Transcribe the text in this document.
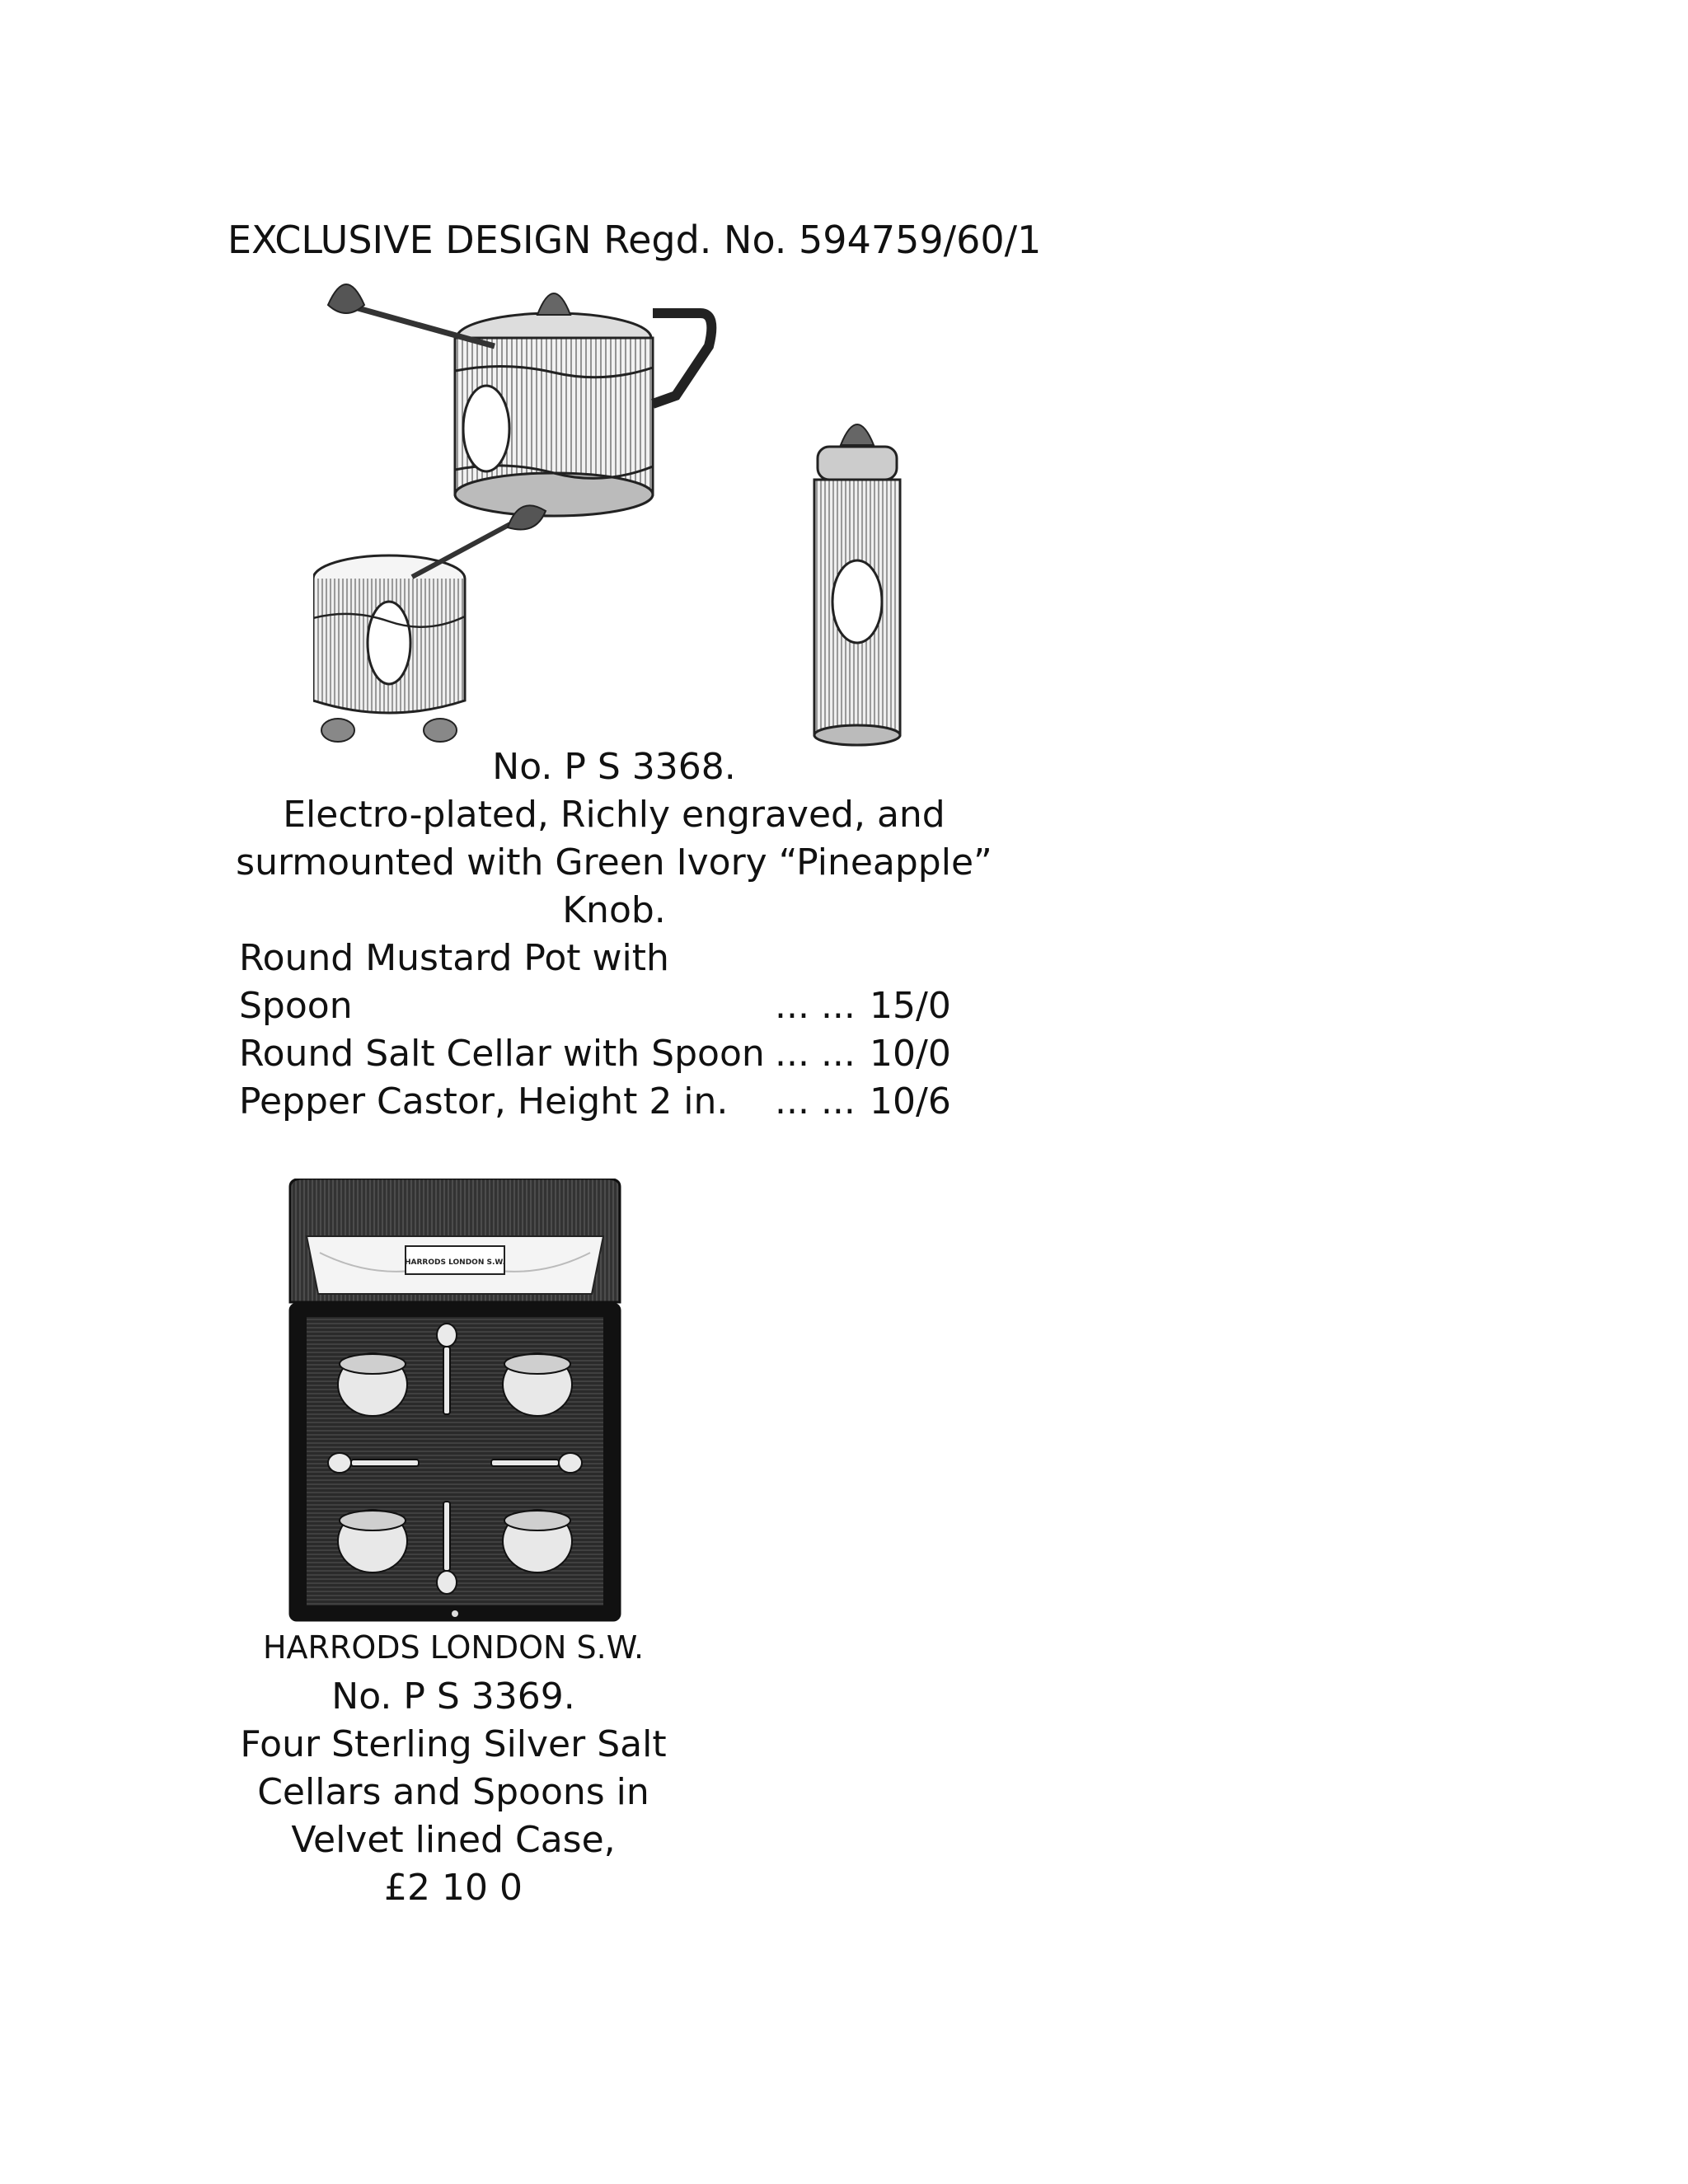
EXCLUSIVE DESIGN Regd. No. 594759/60/1
No. P S 3368.
Electro-plated, Richly engraved, and
surmounted with Green Ivory “Pineapple”
Knob.
Round Mustard Pot with
Spoon	... ... 15/0
Round Salt Cellar with Spoon ... ... 10/0
Pepper Castor, Height 2 in. ... ... 10/6
HARRODS LONDON S.W.
HARRODS LONDON S.W.
No. P S 3369.
Four Sterling Silver Salt
Cellars and Spoons in
Velvet lined Case,
£2 10 0
